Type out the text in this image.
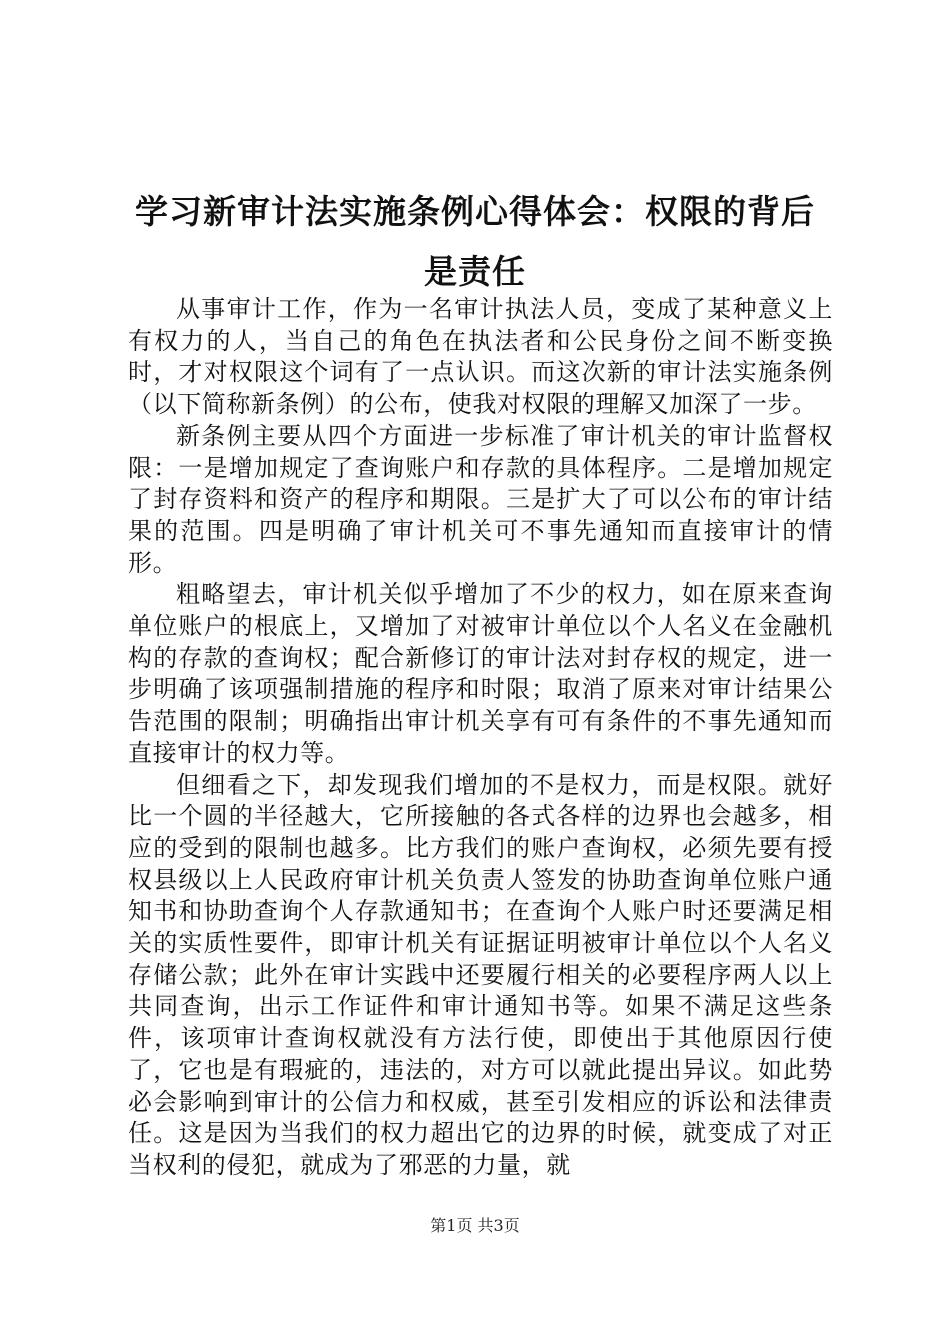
学习新审计法实施条例心得体会：权限的背后是责任

从事审计工作，作为一名审计执法人员，变成了某种意义上有权力的人，当自己的角色在执法者和公民身份之间不断变换时，才对权限这个词有了一点认识。而这次新的审计法实施条例（以下简称新条例）的公布，使我对权限的理解又加深了一步。

新条例主要从四个方面进一步标准了审计机关的审计监督权限：一是增加规定了查询账户和存款的具体程序。二是增加规定了封存资料和资产的程序和期限。三是扩大了可以公布的审计结果的范围。四是明确了审计机关可不事先通知而直接审计的情形。

粗略望去，审计机关似乎增加了不少的权力，如在原来查询单位账户的根底上，又增加了对被审计单位以个人名义在金融机构的存款的查询权；配合新修订的审计法对封存权的规定，进一步明确了该项强制措施的程序和时限；取消了原来对审计结果公告范围的限制；明确指出审计机关享有可有条件的不事先通知而直接审计的权力等。

但细看之下，却发现我们增加的不是权力，而是权限。就好比一个圆的半径越大，它所接触的各式各样的边界也会越多，相应的受到的限制也越多。比方我们的账户查询权，必须先要有授权县级以上人民政府审计机关负责人签发的协助查询单位账户通知书和协助查询个人存款通知书；在查询个人账户时还要满足相关的实质性要件，即审计机关有证据证明被审计单位以个人名义存储公款；此外在审计实践中还要履行相关的必要程序两人以上共同查询，出示工作证件和审计通知书等。如果不满足这些条件，该项审计查询权就没有方法行使，即使出于其他原因行使了，它也是有瑕疵的，违法的，对方可以就此提出异议。如此势必会影响到审计的公信力和权威，甚至引发相应的诉讼和法律责任。这是因为当我们的权力超出它的边界的时候，就变成了对正当权利的侵犯，就成为了邪恶的力量，就

第1页 共3页
